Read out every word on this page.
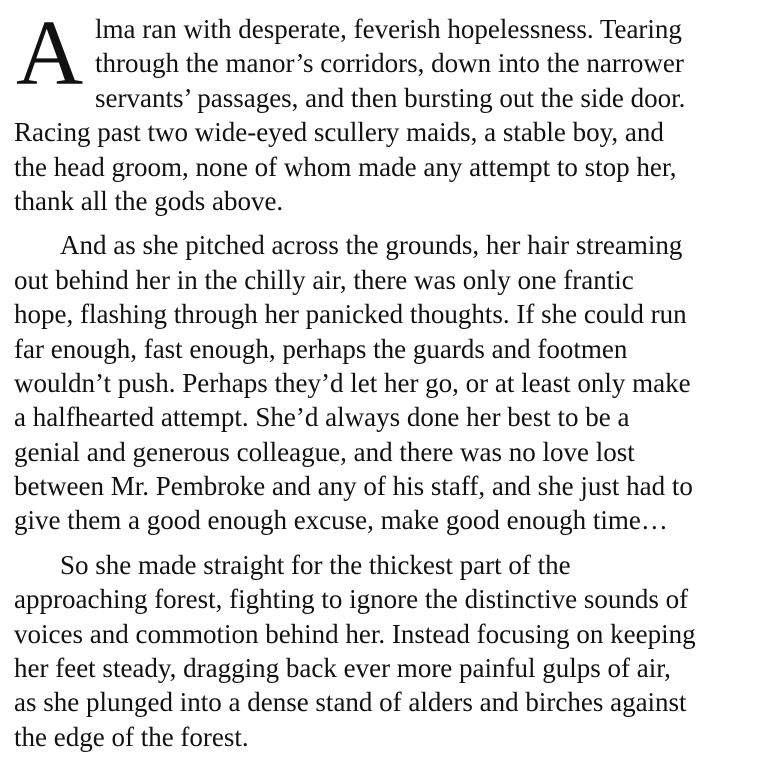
A lma ran with desperate, feverish hopelessness. Tearing
through the manor’s corridors, down into the narrower
servants’ passages, and then bursting out the side door.
Racing past two wide-eyed scullery maids, a stable boy, and
the head groom, none of whom made any attempt to stop her,
thank all the gods above.
And as she pitched across the grounds, her hair streaming
out behind her in the chilly air, there was only one frantic
hope, flashing through her panicked thoughts. If she could run
far enough, fast enough, perhaps the guards and footmen
wouldn’t push. Perhaps they’d let her go, or at least only make
a halfhearted attempt. She’d always done her best to be a
genial and generous colleague, and there was no love lost
between Mr. Pembroke and any of his staff, and she just had to
give them a good enough excuse, make good enough time…
So she made straight for the thickest part of the
approaching forest, fighting to ignore the distinctive sounds of
voices and commotion behind her. Instead focusing on keeping
her feet steady, dragging back ever more painful gulps of air,
as she plunged into a dense stand of alders and birches against
the edge of the forest.
